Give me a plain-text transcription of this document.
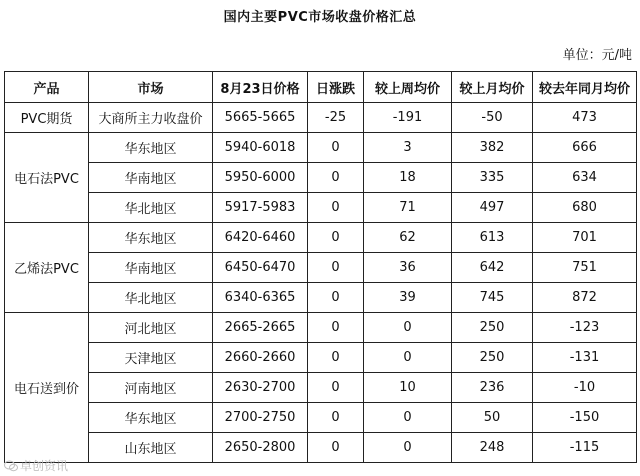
国内主要PVC市场收盘价格汇总
单位：元/吨
产品	市场	8月23日价格	日涨跌	较上周均价	较上月均价	较去年同月均价
PVC期货	大商所主力收盘价	5665-5665	-25	-191	-50	473
电石法PVC	华东地区	5940-6018	0	3	382	666
	华南地区	5950-6000	0	18	335	634
	华北地区	5917-5983	0	71	497	680
乙烯法PVC	华东地区	6420-6460	0	62	613	701
	华南地区	6450-6470	0	36	642	751
	华北地区	6340-6365	0	39	745	872
电石送到价	河北地区	2665-2665	0	0	250	-123
	天津地区	2660-2660	0	0	250	-131
	河南地区	2630-2700	0	10	236	-10
	华东地区	2700-2750	0	0	50	-150
	山东地区	2650-2800	0	0	248	-115
卓创资讯
